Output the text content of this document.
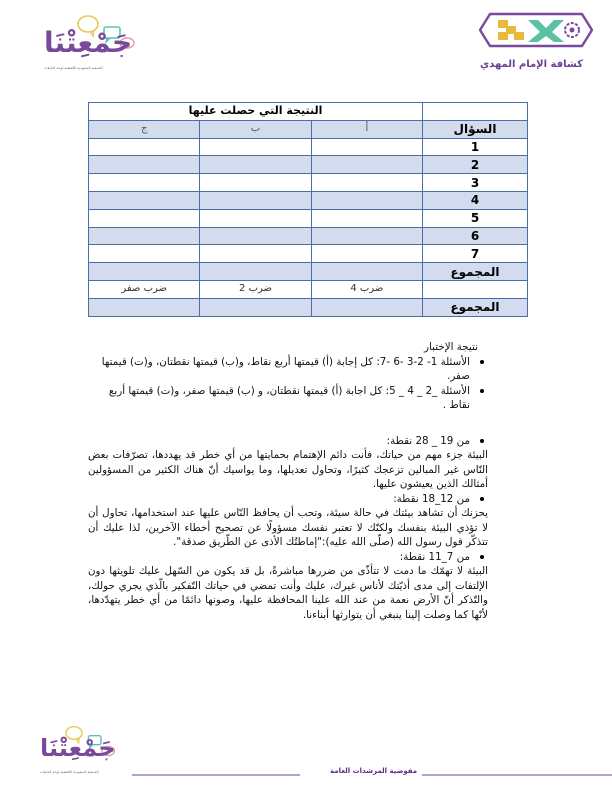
جَمْعِتْنَا
الجمعية السعودية الكشفية لوحة الدليلات	كشافة الإمام المهدي
	النتيجة التي حصلت عليها		
السؤال	أ	ب	ج
1			
2			
3			
4			
5			
6			
7			
المجموع			
	ضرب 4	ضرب 2	ضرب صفر
المجموع			

نتيجة الإختبار

الأسئلة 1- 2-3 -6 -7: كل إجابة (أ) قيمتها أربع نقاط، و(ب) قيمتها نقطتان، و(ت) قيمتها صفر.
الأسئلة _2 _ 4 _ 5: كل اجابة (أ) قيمتها نقطتان، و (ب) قيمتها صفر، و(ت) قيمتها أربع نقاط .

من 19 _ 28 نقطة:

البيئة جزء مهم من حياتك، فأنت دائم الإهتمام بحمايتها من أي خطر قد يهددها، تصرّفات بعض النّاس غير المبالين تزعجك كثيرًا، وتحاول تعديلها، وما يواسيك أنّ هناك الكثير من المسؤولين أمثالك الذين يعيشون عليها.

من 12_18 نقطة:

يحزنك أن تشاهد بيئتك في حالة سيئة، وتحب أن يحافظ النّاس عليها عند استخدامها، تحاول أن لا تؤذي البيئة بنفسك ولكنّك لا تعتبر نفسك مسؤولًا عن تصحيح أخطاء الآخرين، لذا عليك أن تتذكّر قول رسول الله (صلّى الله عليه):"إماطتُك الأذى عن الطّريق صدقة".

من 7_11 نقطة:

البيئة لا تهمّك ما دمت لا تتأذّى من ضررها مباشرةً، بل قد يكون من السّهل عليك تلويثها دون الإلتفات إلى مدى أذيّتك لأناس غيرك، عليك وأنت تمضي في حياتك التّفكير بالّذي يجري حولك، والتّذكر أنّ الأرض نعمة من عند الله علينا المحافظة عليها، وصونها دائمًا من أي خطر يتهدّدها، لأنّها كما وصلت إلينا ينبغي أن يتوارثها أبناءنا.

جَمْعِتْنَا
الجمعية السعودية الكشفية لوحة الدليلات	مفوضية المرشدات العامة
